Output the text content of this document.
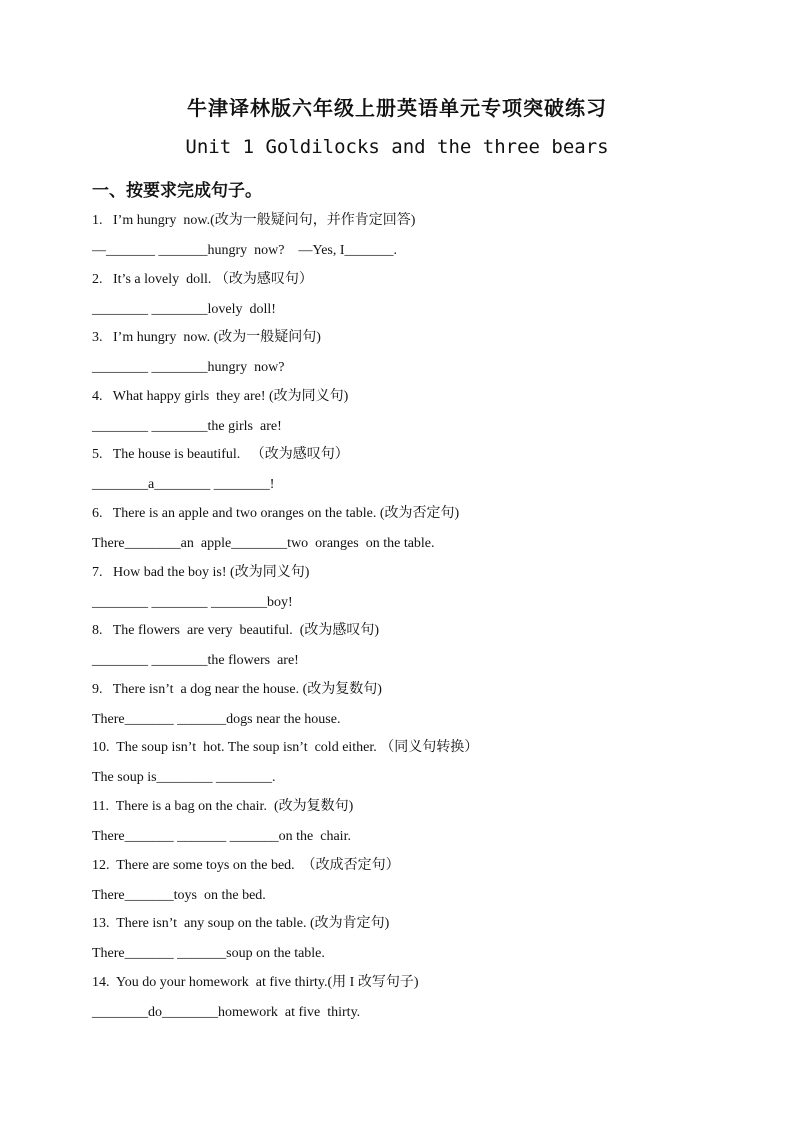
牛津译林版六年级上册英语单元专项突破练习
Unit 1 Goldilocks and the three bears
一、按要求完成句子。
1.   I’m hungry  now.(改为一般疑问句，并作肯定回答)
—_______ _______hungry  now?    —Yes, I_______.
2.   It’s a lovely  doll. （改为感叹句）
________ ________lovely  doll!
3.   I’m hungry  now. (改为一般疑问句)
________ ________hungry  now?
4.   What happy girls  they are! (改为同义句)
________ ________the girls  are!
5.   The house is beautiful.   （改为感叹句）
________a________ ________!
6.   There is an apple and two oranges on the table. (改为否定句)
There________an  apple________two  oranges  on the table.
7.   How bad the boy is! (改为同义句)
________ ________ ________boy!
8.   The flowers  are very  beautiful.  (改为感叹句)
________ ________the flowers  are!
9.   There isn’t  a dog near the house. (改为复数句)
There_______ _______dogs near the house.
10.  The soup isn’t  hot. The soup isn’t  cold either. （同义句转换）
The soup is________ ________.
11.  There is a bag on the chair.  (改为复数句)
There_______ _______ _______on the  chair.
12.  There are some toys on the bed.  （改成否定句）
There_______toys  on the bed.
13.  There isn’t  any soup on the table. (改为肯定句)
There_______ _______soup on the table.
14.  You do your homework  at five thirty.(用 I 改写句子)
________do________homework  at five  thirty.
